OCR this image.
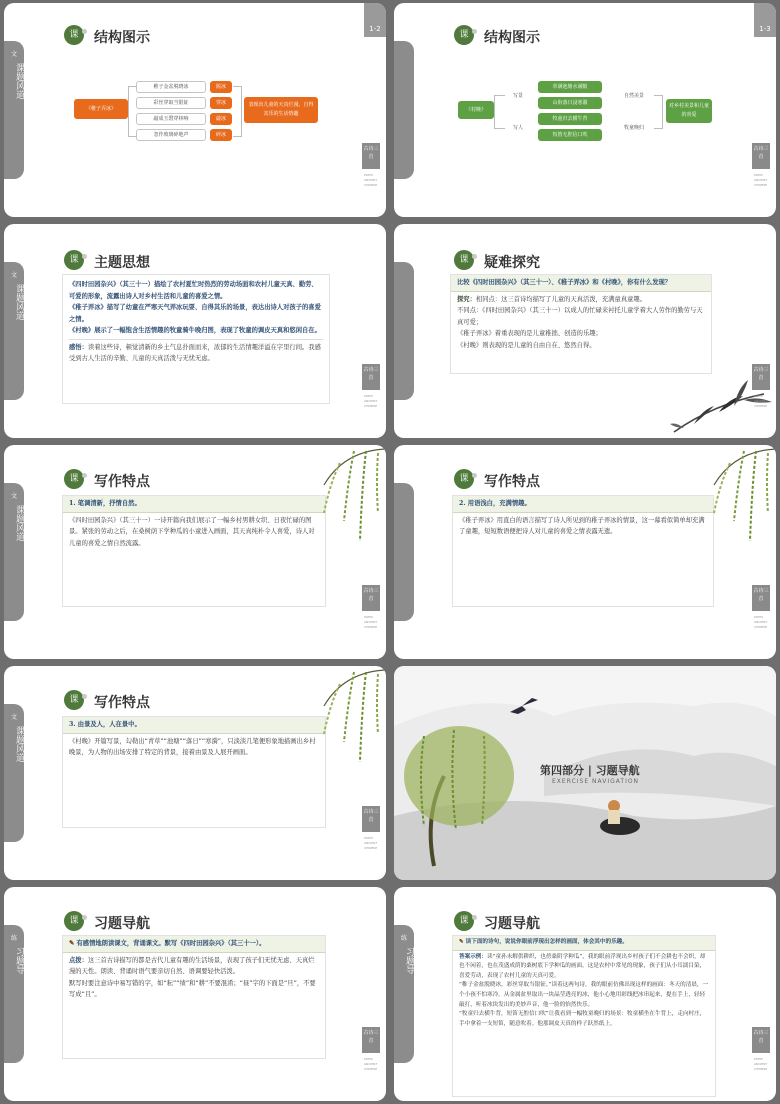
文
课题风道
1-2
课	结构图示
《稚子弄冰》
稚子金盆脱晓冰
彩丝穿取当银钲
敲成玉磬穿林响
忽作玻璃碎地声
脱冰
穿冰
敲冰
碎冰
表现出儿童的天真烂漫、自得其乐的生活情趣
古诗三首
POEM ANCIENT CHINESE
1-3
课	结构图示
《村晚》
写景
写人
草满池塘水满陂
山衔落日浸寒漪
牧童归去横牛背
短笛无腔信口吹
自然美景
牧童晚归
对乡村美景和儿童的喜爱
古诗三首
POEM ANCIENT CHINESE
文
课题风道
课	主题思想
《四时田园杂兴》（其三十一）描绘了农村夏忙时热烈的劳动场面和农村儿童天真、勤劳、可爱的形象，流露出诗人对乡村生活和儿童的喜爱之情。
《稚子弄冰》描写了幼童在严寒天气弄冰玩耍、自得其乐的场景，表达出诗人对孩子的喜爱之情。
《村晚》展示了一幅饱含生活情趣的牧童骑牛晚归图，表现了牧童的调皮天真和悠闲自在。
感悟：读着这些诗，顿觉清新的乡土气息扑面而来，浓郁的生活情趣洋溢在字里行间。我感受到古人生活的辛勤、儿童的天真活泼与无忧无虑。
古诗三首
POEM ANCIENT CHINESE
课	疑难探究
比较《四时田园杂兴》（其三十一）、《稚子弄冰》和《村晚》，你有什么发现？
探究：相同点：这三首诗均描写了儿童的天真活泼，充满童真童趣。
不同点：《四时田园杂兴》（其三十一）以成人的忙碌来衬托儿童学着大人劳作的勤劳与天真可爱；
《稚子弄冰》着重表现的是儿童稚拙、创造的乐趣；
《村晚》则表现的是儿童的自由自在、悠然自得。
古诗三首
POEM ANCIENT CHINESE
文
课题风道
课	写作特点
1. 笔调清新，抒情自然。
《四时田园杂兴》（其三十一）一诗开篇向我们展示了一幅乡村男耕女织、日夜忙碌的图景。紧张的劳动之后，在桑树荫下学种瓜的小童进入画面，其天真纯朴令人喜爱，诗人对儿童的喜爱之情自然流露。
古诗三首
POEM ANCIENT CHINESE
课	写作特点
2. 用语浅白，充满情趣。
《稚子弄冰》用直白的语言描写了诗人所见到的稚子弄冰的情景，这一幕看似简单却充满了童趣，短短数语便把诗人对儿童的喜爱之情表露无遗。
古诗三首
POEM ANCIENT CHINESE
文
课题风道
课	写作特点
3. 由景及人，人在景中。
《村晚》开篇写景，勾勒出“青草”“池塘”“落日”“寒漪”，只淡淡几笔便形象地描画出乡村晚景，为人物的出场安排了特定的背景，接着由景及人展开画面。
古诗三首
POEM ANCIENT CHINESE
第四部分 | 习题导航
EXERCISE NAVIGATION
练
习题导
课	习题导航
✎ 有感情地朗读课文，背诵课文。默写《四时田园杂兴》（其三十一）。
点拨：这三首古诗描写的都是古代儿童有趣的生活场景，表现了孩子们无忧无虑、天真烂漫的天性。朗读、背诵时语气要亲切自然、语调要轻快活泼。
默写时要注意诗中易写错的字，如“耘”“绩”和“耕”不要混淆；“昼”字的下面是“旦”，不要写成“且”。
古诗三首
POEM ANCIENT CHINESE
练
习题导
课	习题导航
✎ 读下面的诗句，说说你眼前浮现出怎样的画面，体会其中的乐趣。
答案示例：读“童孙未解供耕织，也傍桑阴学种瓜”，我的眼前浮现出乡村孩子们不会耕也不会织，却也不闲着，也在茂盛成荫的桑树底下学种瓜的画面。这是农村中常见的现象，孩子们从小耳濡目染，喜爱劳动，表现了农村儿童的天真可爱。
“稚子金盆脱晓冰，彩丝穿取当银钲。”读着这两句诗，我的眼前仿佛出现这样的画面：冬天的清晨，一个小孩不怕寒冷，从金属盆里取出一块晶莹透亮的冰，他小心地用彩线把冰串起来，提在手上，轻轻敲打，听着冰块发出的美妙声音，他一脸的怡然快乐。
“牧童归去横牛背，短笛无腔信口吹”让我看到一幅牧童晚归的场景：牧童横坐在牛背上，走向村庄，手中拿着一支短笛，随意吹着。他那调皮天真的样子跃然纸上。
古诗三首
POEM ANCIENT CHINESE
